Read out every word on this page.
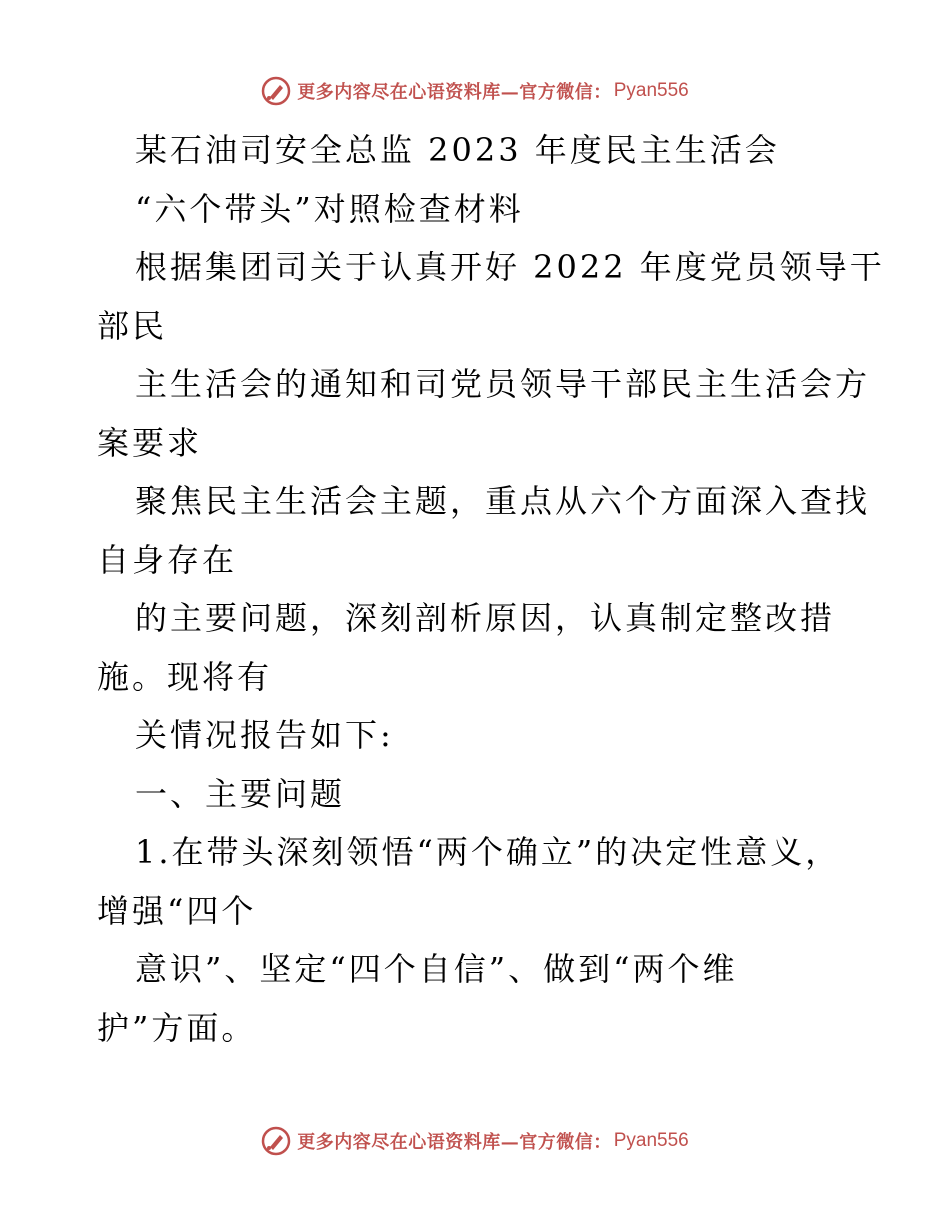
更多内容尽在心语资料库—官方微信： Pyan556
某石油司安全总监 2023 年度民主生活会
“六个带头”对照检查材料
根据集团司关于认真开好 2022 年度党员领导干
部民
主生活会的通知和司党员领导干部民主生活会方
案要求
聚焦民主生活会主题，重点从六个方面深入查找
自身存在
的主要问题，深刻剖析原因，认真制定整改措
施。现将有
关情况报告如下:
一、主要问题
1.在带头深刻领悟“两个确立”的决定性意义，
增强“四个
意识”、坚定“四个自信”、做到“两个维
护”方面。
更多内容尽在心语资料库—官方微信： Pyan556
